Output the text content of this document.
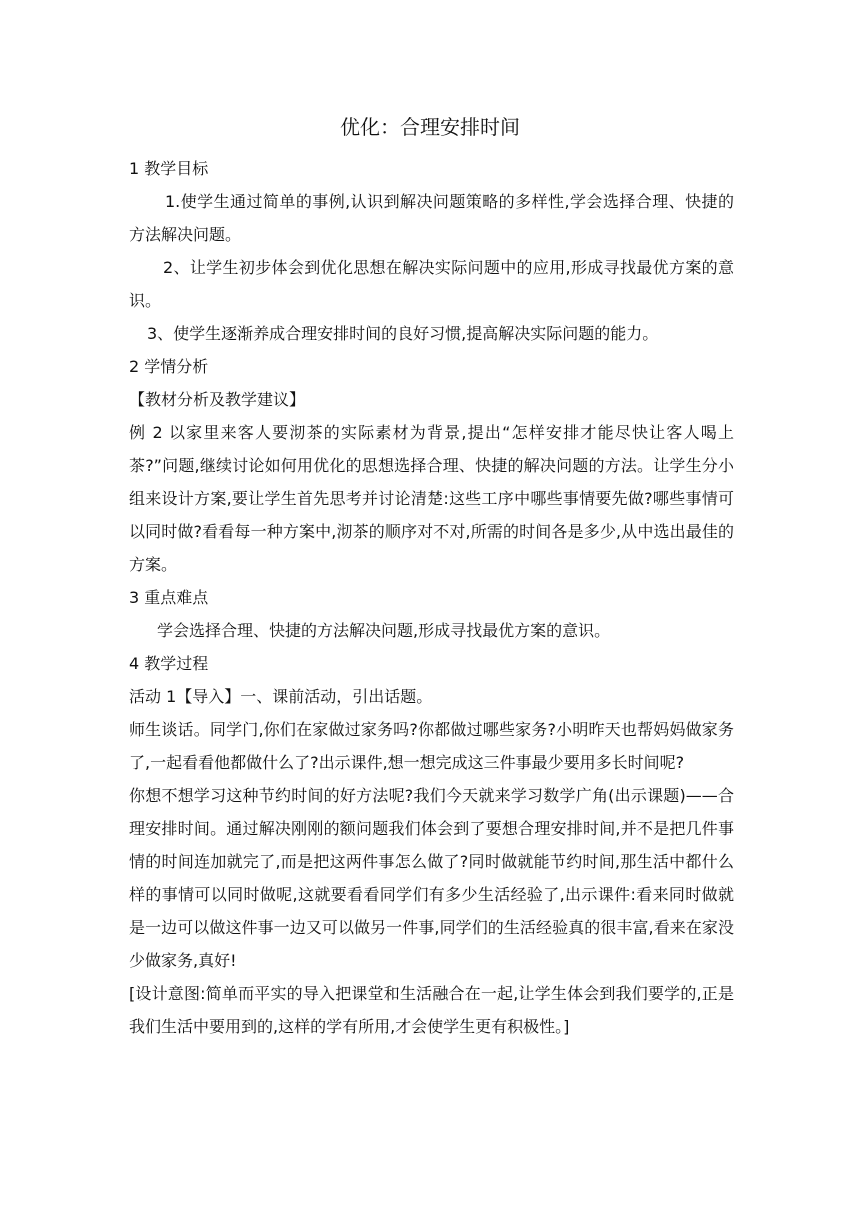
优化：合理安排时间

1 教学目标

1.使学生通过简单的事例,认识到解决问题策略的多样性,学会选择合理、快捷的方法解决问题。

2、让学生初步体会到优化思想在解决实际问题中的应用,形成寻找最优方案的意识。

3、使学生逐渐养成合理安排时间的良好习惯,提高解决实际问题的能力。

2 学情分析

【教材分析及教学建议】

例 2 以家里来客人要沏茶的实际素材为背景,提出“怎样安排才能尽快让客人喝上茶?”问题,继续讨论如何用优化的思想选择合理、快捷的解决问题的方法。让学生分小组来设计方案,要让学生首先思考并讨论清楚:这些工序中哪些事情要先做?哪些事情可以同时做?看看每一种方案中,沏茶的顺序对不对,所需的时间各是多少,从中选出最佳的方案。

3 重点难点

学会选择合理、快捷的方法解决问题,形成寻找最优方案的意识。

4 教学过程

活动 1【导入】一、课前活动，引出话题。

师生谈话。同学门,你们在家做过家务吗?你都做过哪些家务?小明昨天也帮妈妈做家务了,一起看看他都做什么了?出示课件,想一想完成这三件事最少要用多长时间呢?

你想不想学习这种节约时间的好方法呢?我们今天就来学习数学广角(出示课题)——合理安排时间。通过解决刚刚的额问题我们体会到了要想合理安排时间,并不是把几件事情的时间连加就完了,而是把这两件事怎么做了?同时做就能节约时间,那生活中都什么样的事情可以同时做呢,这就要看看同学们有多少生活经验了,出示课件:看来同时做就是一边可以做这件事一边又可以做另一件事,同学们的生活经验真的很丰富,看来在家没少做家务,真好!

[设计意图:简单而平实的导入把课堂和生活融合在一起,让学生体会到我们要学的,正是我们生活中要用到的,这样的学有所用,才会使学生更有积极性。]
